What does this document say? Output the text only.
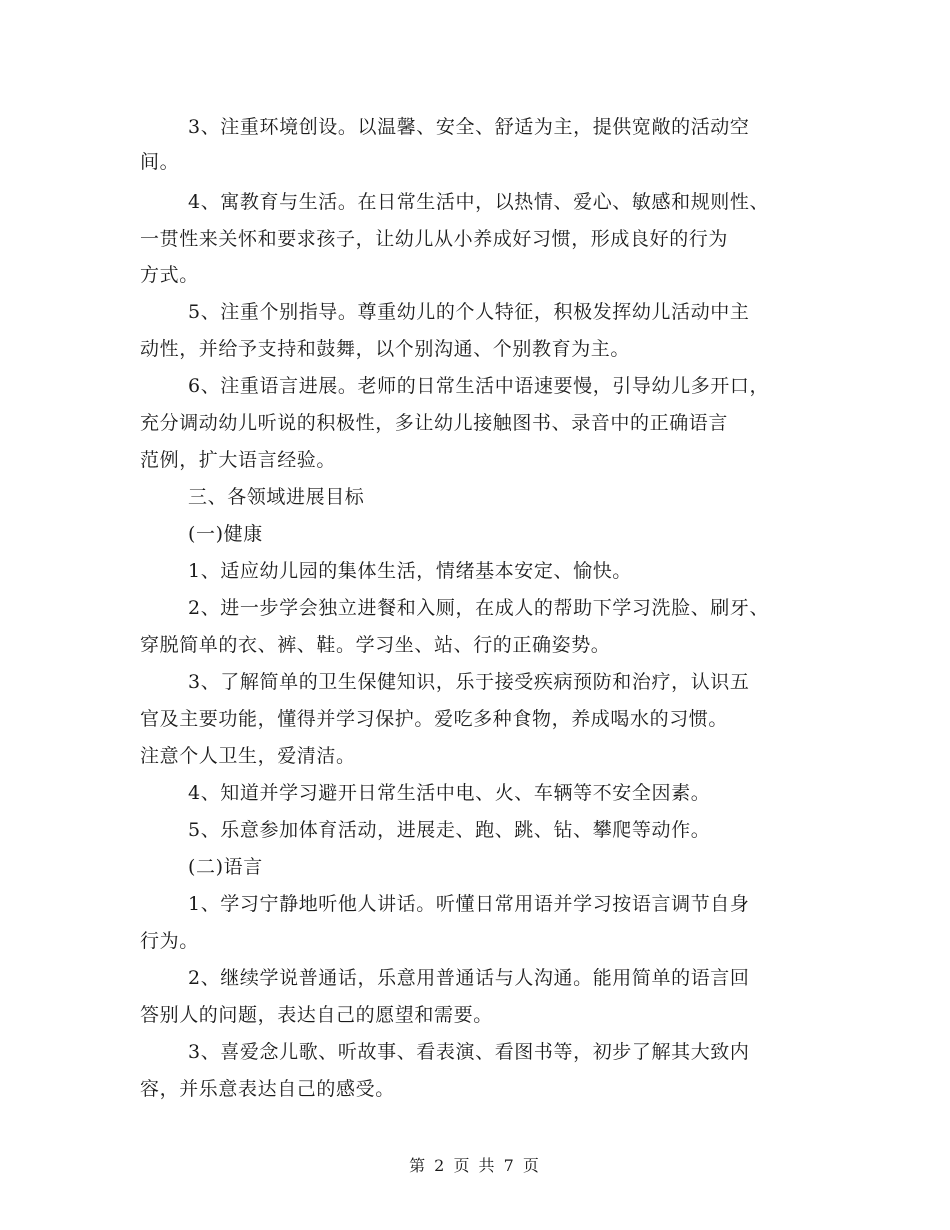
3、注重环境创设。以温馨、安全、舒适为主，提供宽敞的活动空
间。
4、寓教育与生活。在日常生活中，以热情、爱心、敏感和规则性、
一贯性来关怀和要求孩子，让幼儿从小养成好习惯，形成良好的行为
方式。
5、注重个别指导。尊重幼儿的个人特征，积极发挥幼儿活动中主
动性，并给予支持和鼓舞，以个别沟通、个别教育为主。
6、注重语言进展。老师的日常生活中语速要慢，引导幼儿多开口，
充分调动幼儿听说的积极性，多让幼儿接触图书、录音中的正确语言
范例，扩大语言经验。
三、各领域进展目标
(一)健康
1、适应幼儿园的集体生活，情绪基本安定、愉快。
2、进一步学会独立进餐和入厕，在成人的帮助下学习洗脸、刷牙、
穿脱简单的衣、裤、鞋。学习坐、站、行的正确姿势。
3、了解简单的卫生保健知识，乐于接受疾病预防和治疗，认识五
官及主要功能，懂得并学习保护。爱吃多种食物，养成喝水的习惯。
注意个人卫生，爱清洁。
4、知道并学习避开日常生活中电、火、车辆等不安全因素。
5、乐意参加体育活动，进展走、跑、跳、钻、攀爬等动作。
(二)语言
1、学习宁静地听他人讲话。听懂日常用语并学习按语言调节自身
行为。
2、继续学说普通话，乐意用普通话与人沟通。能用简单的语言回
答别人的问题，表达自己的愿望和需要。
3、喜爱念儿歌、听故事、看表演、看图书等，初步了解其大致内
容，并乐意表达自己的感受。
第 2 页 共 7 页
